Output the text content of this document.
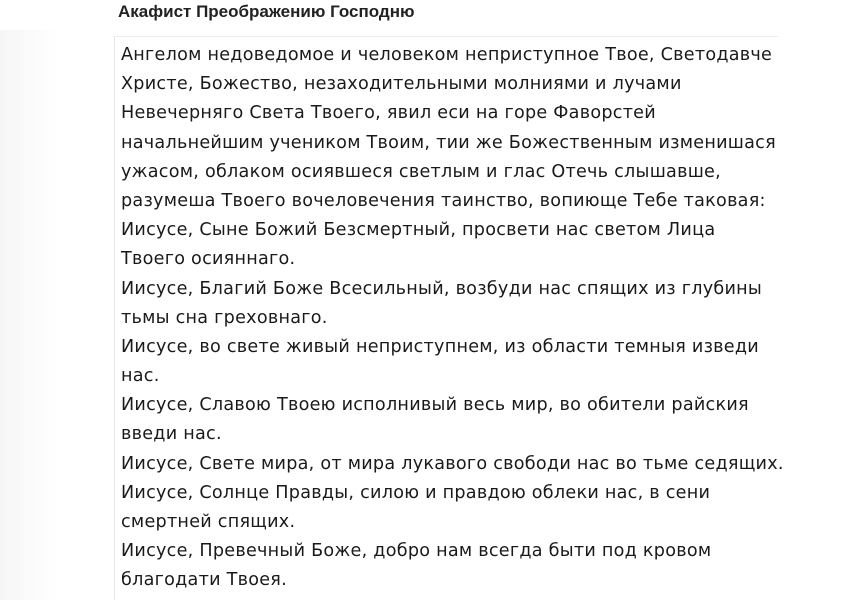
Акафист Преображению Господню
Ангелом недоведомое и человеком неприступное Твое, Светодавче
Христе, Божество, незаходительными молниями и лучами
Невечерняго Света Твоего, явил еси на горе Фаворстей
начальнейшим учеником Твоим, тии же Божественным изменишася
ужасом, облаком осиявшеся светлым и глас Отечь слышавше,
разумеша Твоего вочеловечения таинство, вопиюще Тебе таковая:
Иисусе, Сыне Божий Безсмертный, просвети нас светом Лица
Твоего осияннаго.
Иисусе, Благий Боже Всесильный, возбуди нас спящих из глубины
тьмы сна греховнаго.
Иисусе, во свете живый неприступнем, из области темныя изведи
нас.
Иисусе, Славою Твоею исполнивый весь мир, во обители райския
введи нас.
Иисусе, Свете мира, от мира лукавого свободи нас во тьме седящих.
Иисусе, Солнце Правды, силою и правдою облеки нас, в сени
смертней спящих.
Иисусе, Превечный Боже, добро нам всегда быти под кровом
благодати Твоея.
